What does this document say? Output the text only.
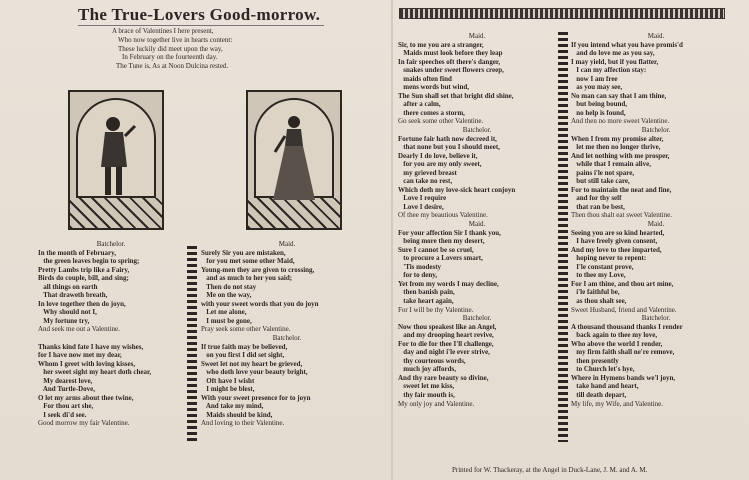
The True-Lovers Good-morrow.
A brace of Valentines I here present,
Who now together live in hearts content:
These luckily did meet upon the way,
In February on the fourteenth day.
The Tune is, As at Noon Dulcina rested.
Batchelor.
In the month of February,
the green leaves begin to spring;
Pretty Lambs trip like a Fairy,
Birds do couple, bill, and sing;
all things on earth
That draweth breath,
In love together then do joyn,
Why should not I,
My fortune try,
And seek me out a Valentine.

Thanks kind fate I have my wishes,
for I have now met my dear,
Whom I greet with loving kisses,
her sweet sight my heart doth chear,
My dearest love,
And Turtle-Dove,
O let my arms about thee twine,
For thou art she,
I seek di'd see.
Good morrow my fair Valentine.
Maid.
Surely Sir you are mistaken,
for you met some other Maid,
Young-men they are given to crossing,
and as much to her you said;
Then do not stay
Me on the way,
with your sweet words that you do joyn
Let me alone,
I must be gone,
Pray seek some other Valentine.
Batchelor.
If true faith may be believed,
on you first I did set sight,
Sweet let not my heart be grieved,
who doth love your beauty bright,
Oft have I wisht
I might be blest,
With your sweet presence for to joyn
And take my mind,
Maids should be kind,
And loving to their Valentine.
Maid.
Sir, to me you are a stranger,
Maids must look before they leap
In fair speeches oft there's danger,
snakes under sweet flowers creep,
maids often find
mens words but wind,
The Sun shall set that bright did shine,
after a calm,
there comes a storm,
Go seek some other Valentine.
Batchelor.
Fortune fair hath now decreed it,
that none but you I should meet,
Dearly I do love, believe it,
for you are my only sweet,
my grieved breast
can take no rest,
Which doth my love-sick heart conjoyn
Love I require
Love I desire,
Of thee my beautious Valentine.
Maid.
For your affection Sir I thank you,
being more then my desert,
Sure I cannot be so cruel,
to procure a Lovers smart,
'Tis modesty
for to deny,
Yet from my words I may decline,
then banish pain,
take heart again,
For I will be thy Valentine.
Batchelor.
Now thou speakest like an Angel,
and my drooping heart revive,
For to die for thee I'll challenge,
day and night i'le ever strive,
thy courteous words,
much joy affords,
And thy rare beauty so divine,
sweet let me kiss,
thy fair mouth is,
My only joy and Valentine.
Maid.
If you intend what you have promis'd
and do love me as you say,
I may yield, but if you flatter,
I can my affection stay:
now I am free
as you may see,
No man can say that I am thine,
but being bound,
no help is found,
And then no more sweet Valentine.
Batchelor.
When I from my promise alter,
let me then no longer thrive,
And let nothing with me prosper,
while that I remain alive,
pains i'le not spare,
but still take care,
For to maintain the neat and fine,
and for thy self
that ran be best,
Then thou shalt eat sweet Valentine.
Maid.
Seeing you are so kind hearted,
I have freely given consent,
And my love to thee imparted,
hoping never to repent:
I'le constant prove,
to thee my Love,
For I am thine, and thou art mine,
i'le faithful be,
as thou shalt see,
Sweet Husband, friend and Valentine.
Batchelor.
A thousand thousand thanks I render
back again to thee my love,
Who above the world I render,
my firm faith shall ne're remove,
then presently
to Church let's hye,
Where in Hymens bands we'l joyn,
take hand and heart,
till death depart,
My life, my Wife, and Valentine.
Printed for W. Thackeray, at the Angel in Duck-Lane, J. M. and A. M.
